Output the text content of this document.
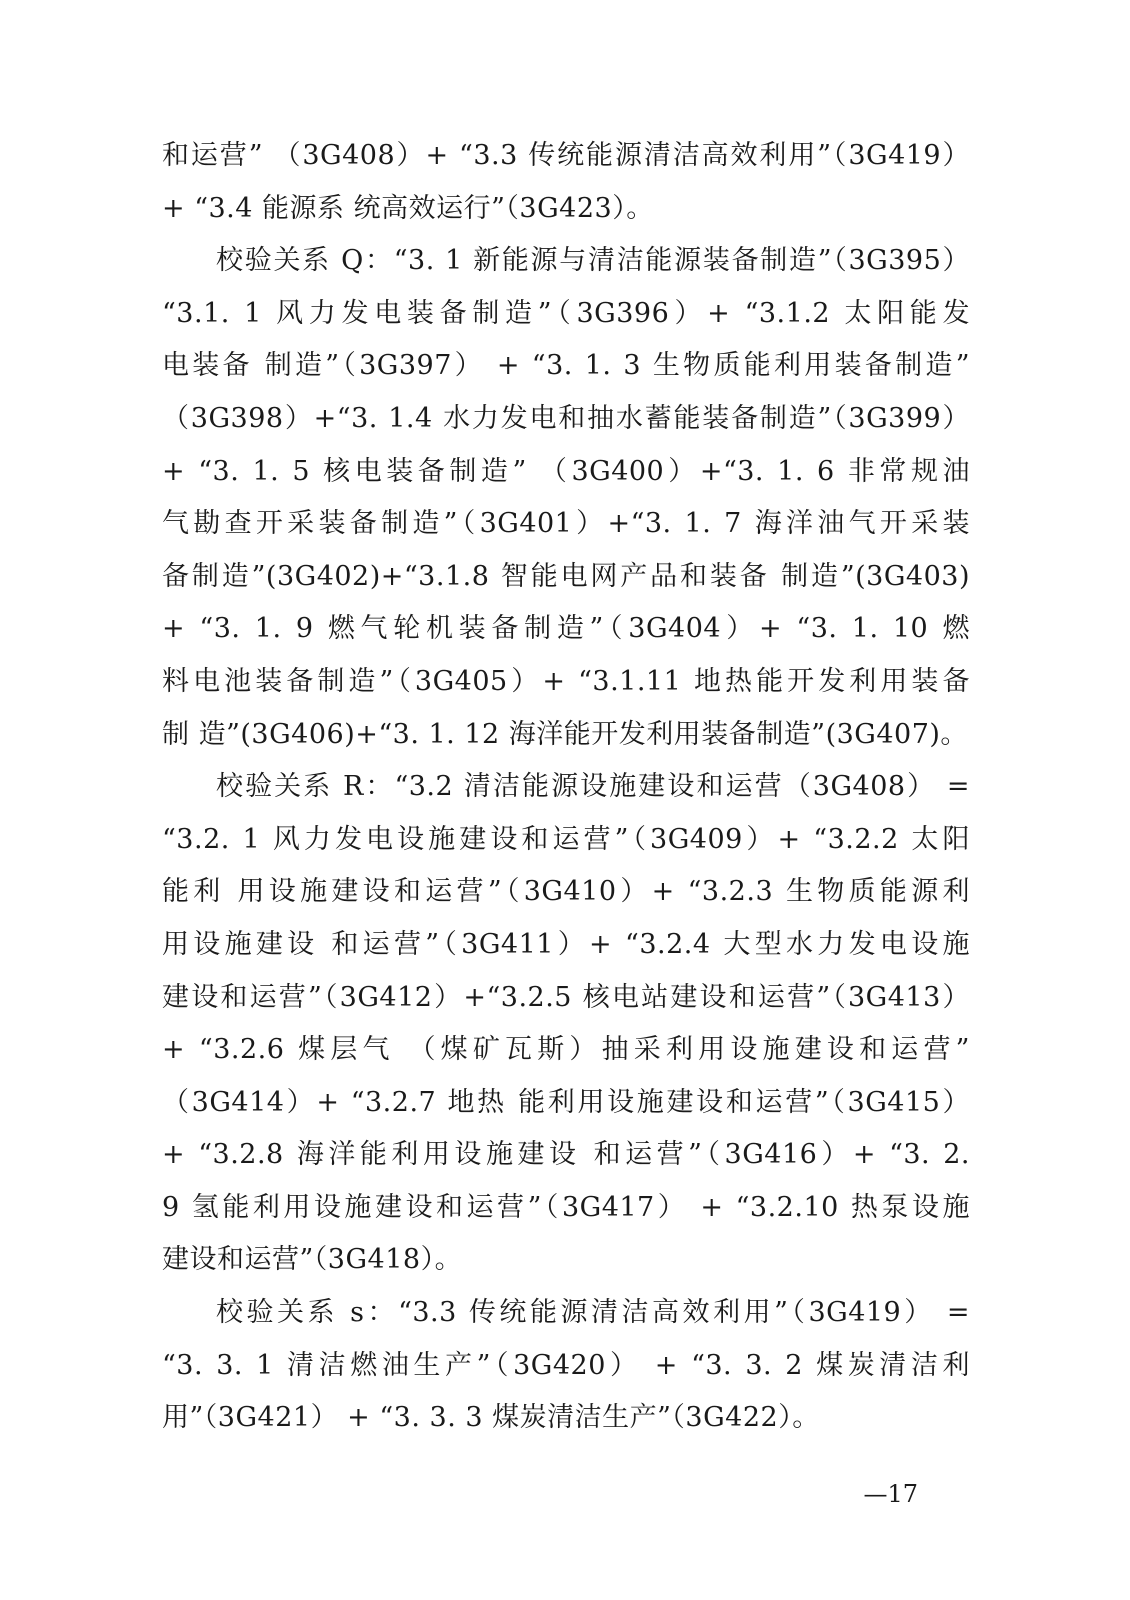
和运营” （3G408）+ “3.3 传统能源清洁高效利用”（3G419）
+ “3.4 能源系 统高效运行”（3G423）。
校验关系 Q：“3. 1 新能源与清洁能源装备制造”（3G395）
“3.1. 1 风力发电装备制造”（3G396）+ “3.1.2 太阳能发
电装备 制造”（3G397） + “3. 1. 3 生物质能利用装备制造”
（3G398）+“3. 1.4 水力发电和抽水蓄能装备制造”（3G399）
+ “3. 1. 5 核电装备制造” （3G400）+“3. 1. 6 非常规油
气勘查开采装备制造”（3G401）+“3. 1. 7 海洋油气开采装
备制造”(3G402)+“3.1.8 智能电网产品和装备 制造”(3G403)
+ “3. 1. 9 燃气轮机装备制造”（3G404）+ “3. 1. 10 燃
料电池装备制造”（3G405）+ “3.1.11 地热能开发利用装备
制 造”(3G406)+“3. 1. 12 海洋能开发利用装备制造”(3G407)。
校验关系 R：“3.2 清洁能源设施建设和运营（3G408） =
“3.2. 1 风力发电设施建设和运营”（3G409）+ “3.2.2 太阳
能利 用设施建设和运营”（3G410）+ “3.2.3 生物质能源利
用设施建设 和运营”（3G411）+ “3.2.4 大型水力发电设施
建设和运营”（3G412）+“3.2.5 核电站建设和运营”（3G413）
+ “3.2.6 煤层气 （煤矿瓦斯）抽采利用设施建设和运营”
（3G414）+ “3.2.7 地热 能利用设施建设和运营”（3G415）
+ “3.2.8 海洋能利用设施建设 和运营”（3G416）+ “3. 2.
9 氢能利用设施建设和运营”（3G417） + “3.2.10 热泵设施
建设和运营”（3G418）。
校验关系 s：“3.3 传统能源清洁高效利用”（3G419） =
“3. 3. 1 清洁燃油生产”（3G420） + “3. 3. 2 煤炭清洁利
用”（3G421） + “3. 3. 3 煤炭清洁生产”（3G422）。
—17
